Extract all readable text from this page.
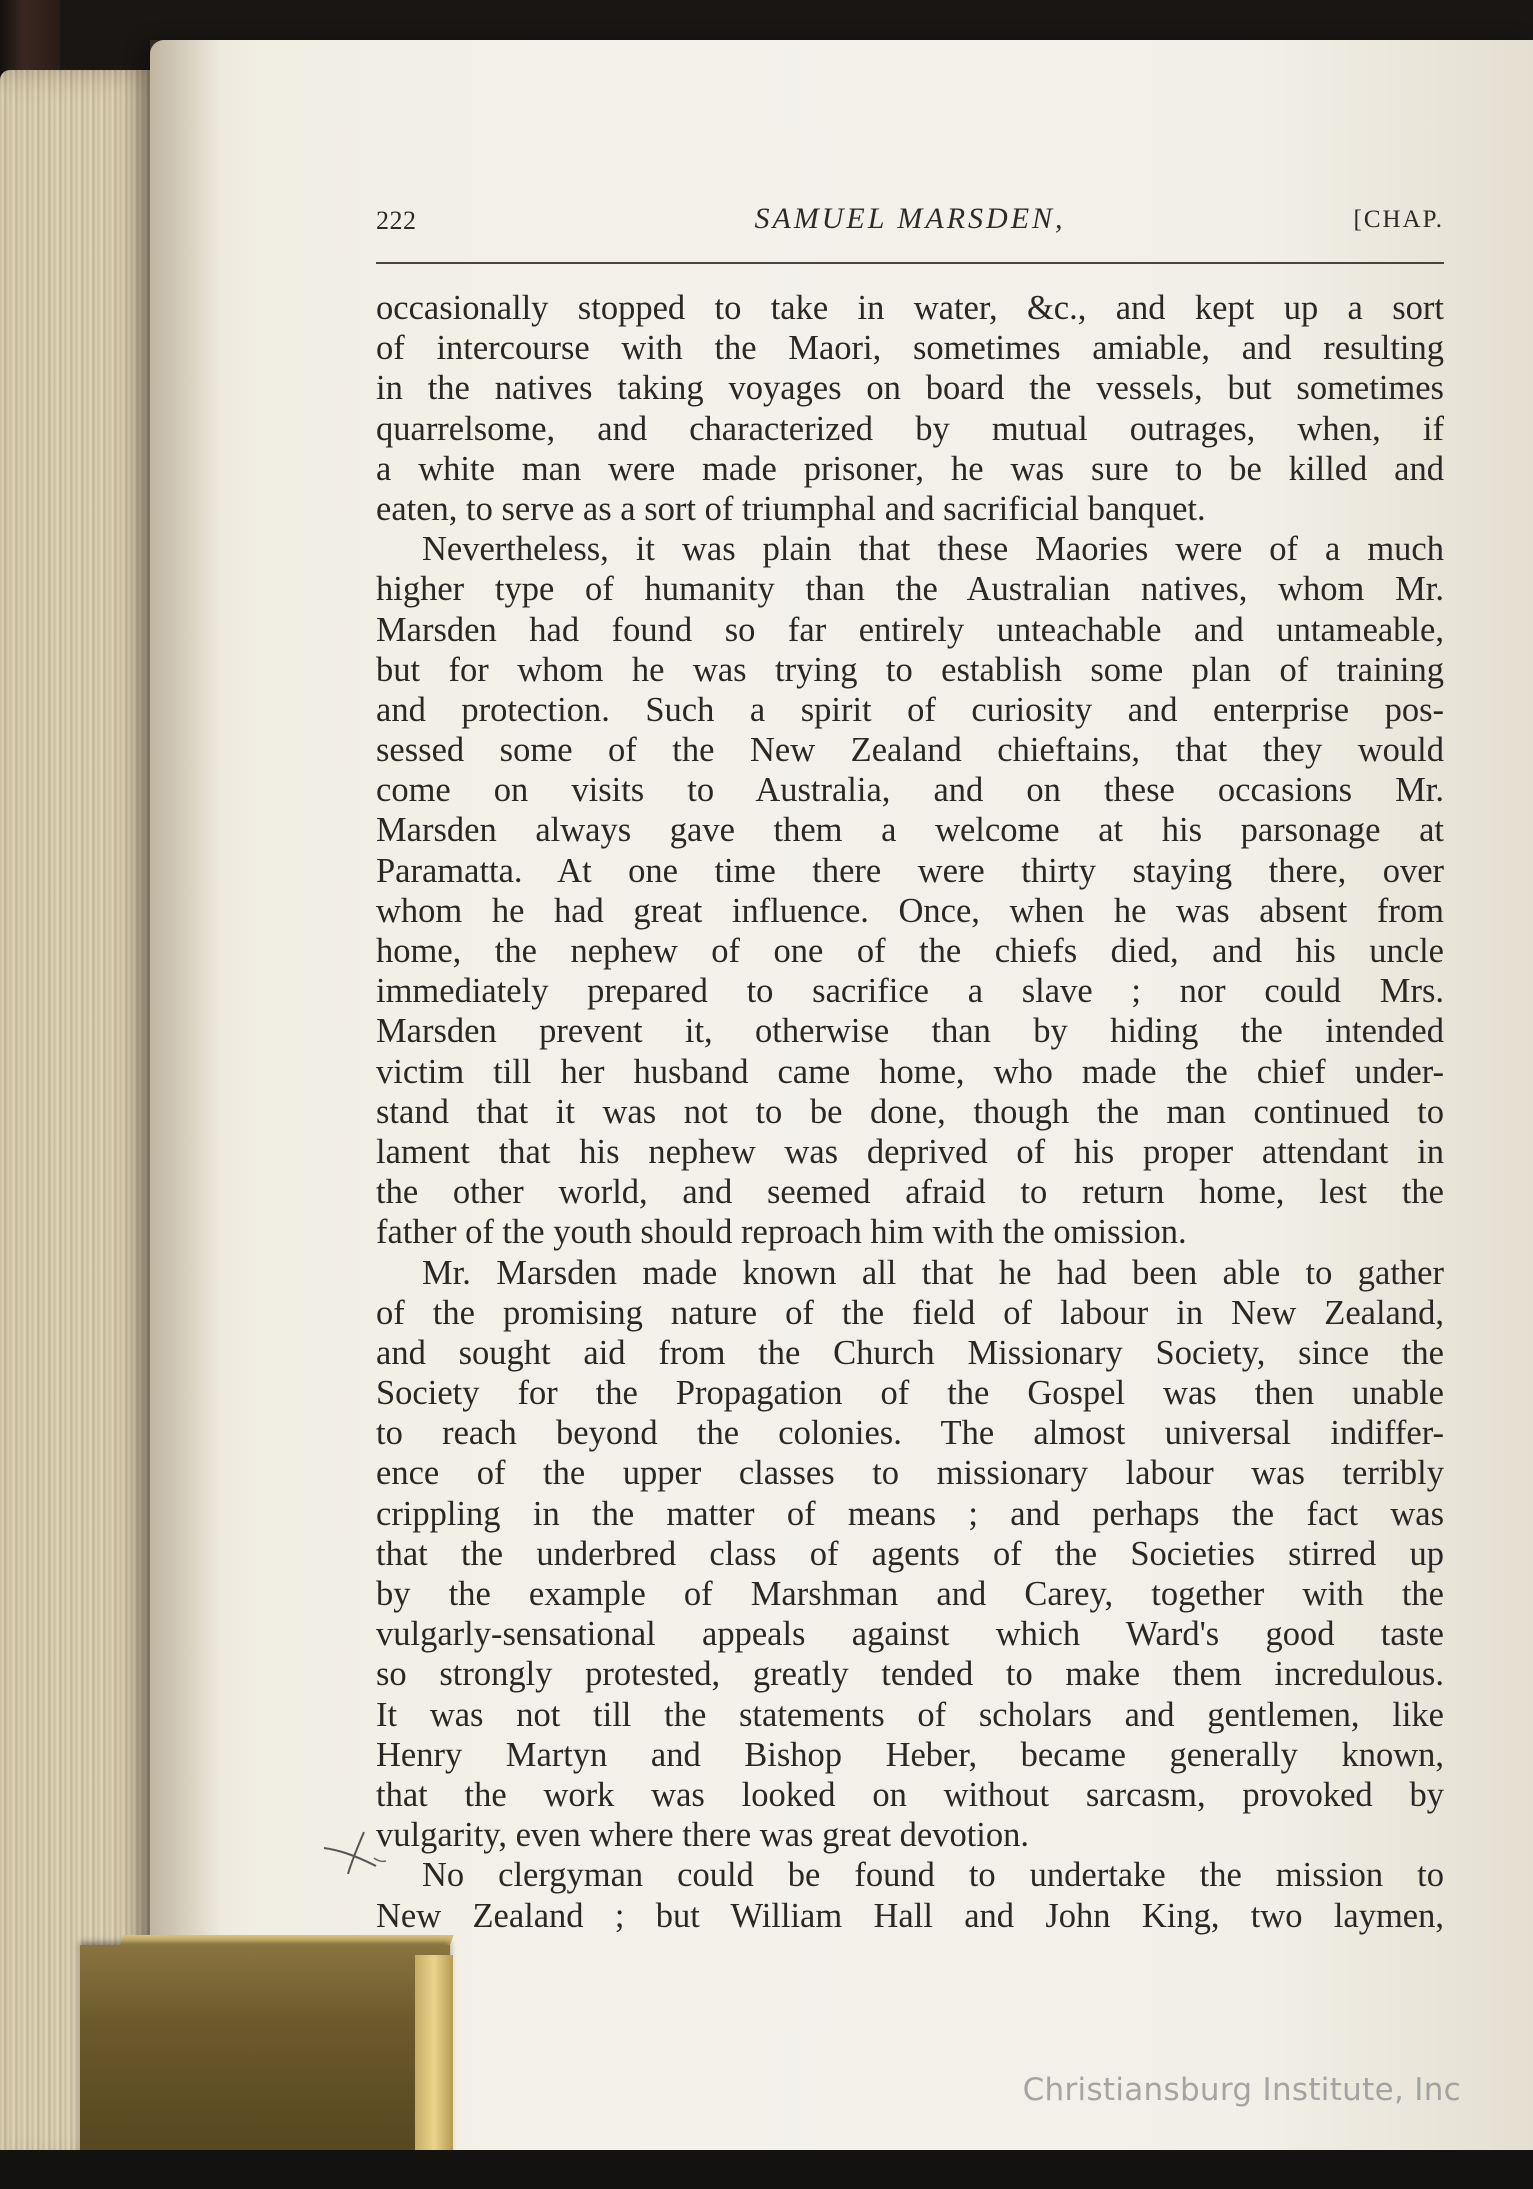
222	SAMUEL MARSDEN,	[CHAP.
occasionally stopped to take in water, &c., and kept up a sort
of intercourse with the Maori, sometimes amiable, and resulting
in the natives taking voyages on board the vessels, but sometimes
quarrelsome, and characterized by mutual outrages, when, if
a white man were made prisoner, he was sure to be killed and
eaten, to serve as a sort of triumphal and sacrificial banquet.
Nevertheless, it was plain that these Maories were of a much
higher type of humanity than the Australian natives, whom Mr.
Marsden had found so far entirely unteachable and untameable,
but for whom he was trying to establish some plan of training
and protection. Such a spirit of curiosity and enterprise pos-
sessed some of the New Zealand chieftains, that they would
come on visits to Australia, and on these occasions Mr.
Marsden always gave them a welcome at his parsonage at
Paramatta. At one time there were thirty staying there, over
whom he had great influence. Once, when he was absent from
home, the nephew of one of the chiefs died, and his uncle
immediately prepared to sacrifice a slave ; nor could Mrs.
Marsden prevent it, otherwise than by hiding the intended
victim till her husband came home, who made the chief under-
stand that it was not to be done, though the man continued to
lament that his nephew was deprived of his proper attendant in
the other world, and seemed afraid to return home, lest the
father of the youth should reproach him with the omission.
Mr. Marsden made known all that he had been able to gather
of the promising nature of the field of labour in New Zealand,
and sought aid from the Church Missionary Society, since the
Society for the Propagation of the Gospel was then unable
to reach beyond the colonies. The almost universal indiffer-
ence of the upper classes to missionary labour was terribly
crippling in the matter of means ; and perhaps the fact was
that the underbred class of agents of the Societies stirred up
by the example of Marshman and Carey, together with the
vulgarly-sensational appeals against which Ward's good taste
so strongly protested, greatly tended to make them incredulous.
It was not till the statements of scholars and gentlemen, like
Henry Martyn and Bishop Heber, became generally known,
that the work was looked on without sarcasm, provoked by
vulgarity, even where there was great devotion.
No clergyman could be found to undertake the mission to
New Zealand ; but William Hall and John King, two laymen,
Christiansburg Institute, Inc
